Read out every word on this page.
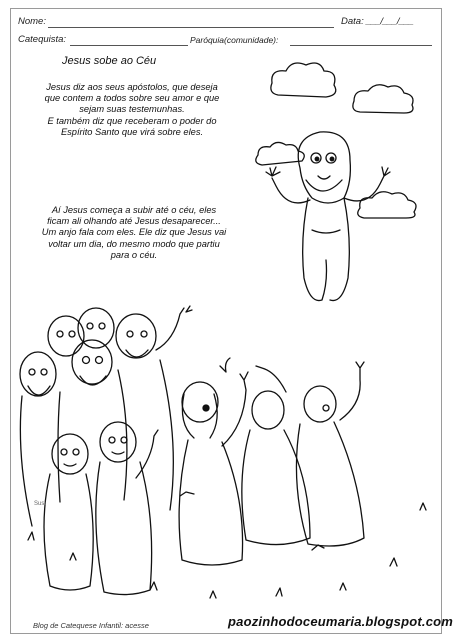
Nome:	Data: ___/___/___
Catequista:	Paróquia(comunidade):
Jesus sobe ao Céu
Jesus diz aos seus apóstolos, que deseja
que contem a todos sobre seu amor e que
sejam suas testemunhas.
E também diz que receberam o poder do
Espírito Santo que virá sobre eles.
Aí Jesus começa a subir até o céu, eles
ficam ali olhando até Jesus desaparecer...
Um anjo fala com eles. Ele diz que Jesus vai
voltar um dia, do mesmo modo que partiu
para o céu.
Susi
Blog de Catequese Infantil: acesse	paozinhodoceumaria.blogspot.com
